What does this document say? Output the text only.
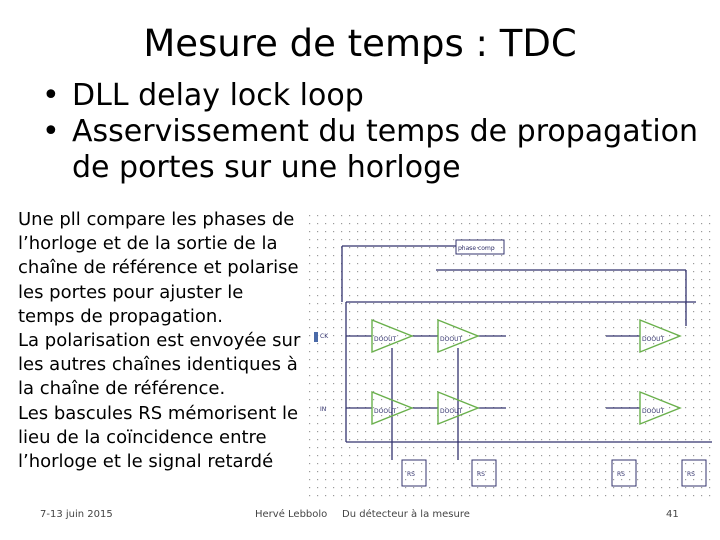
Mesure de temps : TDC
• DLL delay lock loop
• Asservissement du temps de propagation
de portes sur une horloge
Une pll compare les phases de
l’horloge et de la sortie de la
chaîne de référence et polarise
les portes pour ajuster le
temps de propagation.
La polarisation est envoyée sur
les autres chaînes identiques à
la chaîne de référence.
Les bascules RS mémorisent le
lieu de la coïncidence entre
l’horloge et le signal retardé
phase comp
DOOUT	DOOUT	DOOUT
DOOUT	DOOUT	DOOUT
RS	RS	RS	RS
CK
IN
7-13 juin 2015	Hervé Lebbolo Du détecteur à la mesure	41
